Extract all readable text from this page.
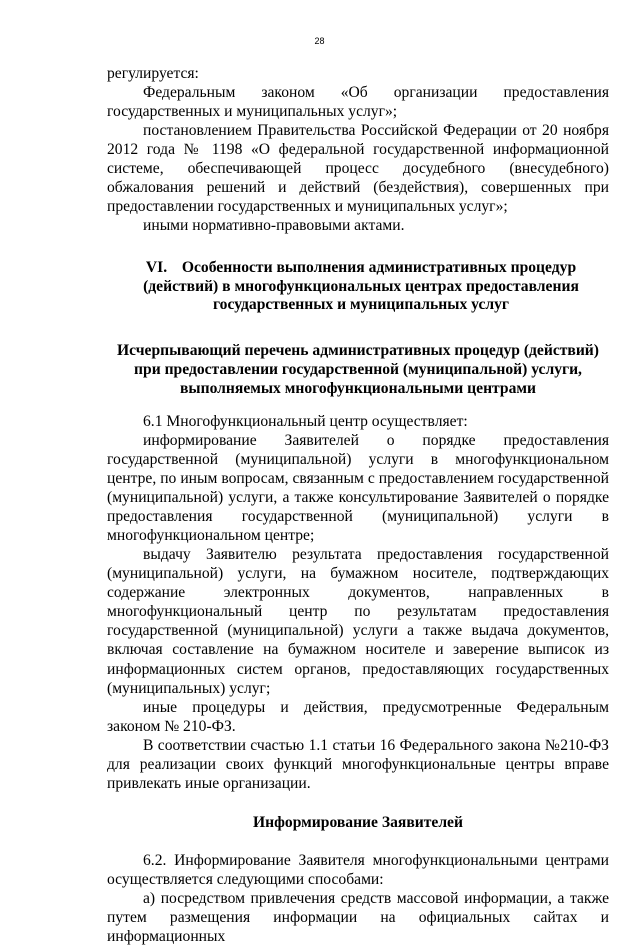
28

регулируется:

Федеральным законом «Об организации предоставления государственных и муниципальных услуг»;

постановлением Правительства Российской Федерации от 20 ноября 2012 года № 1198 «О федеральной государственной информационной системе, обеспечивающей процесс досудебного (внесудебного) обжалования решений и действий (бездействия), совершенных при предоставлении государственных и муниципальных услуг»;

иными нормативно-правовыми актами.

VI. Особенности выполнения административных процедур (действий) в многофункциональных центрах предоставления государственных и муниципальных услуг

Исчерпывающий перечень административных процедур (действий) при предоставлении государственной (муниципальной) услуги, выполняемых многофункциональными центрами

6.1 Многофункциональный центр осуществляет:

информирование Заявителей о порядке предоставления государственной (муниципальной) услуги в многофункциональном центре, по иным вопросам, связанным с предоставлением государственной (муниципальной) услуги, а также консультирование Заявителей о порядке предоставления государственной (муниципальной) услуги в многофункциональном центре;

выдачу Заявителю результата предоставления государственной (муниципальной) услуги, на бумажном носителе, подтверждающих содержание электронных документов, направленных в многофункциональный центр по результатам предоставления государственной (муниципальной) услуги а также выдача документов, включая составление на бумажном носителе и заверение выписок из информационных систем органов, предоставляющих государственных (муниципальных) услуг;

иные процедуры и действия, предусмотренные Федеральным законом № 210-ФЗ.

В соответствии счастью 1.1 статьи 16 Федерального закона №210-ФЗ для реализации своих функций многофункциональные центры вправе привлекать иные организации.

Информирование Заявителей

6.2. Информирование Заявителя многофункциональными центрами осуществляется следующими способами:

а) посредством привлечения средств массовой информации, а также путем размещения информации на официальных сайтах и информационных
